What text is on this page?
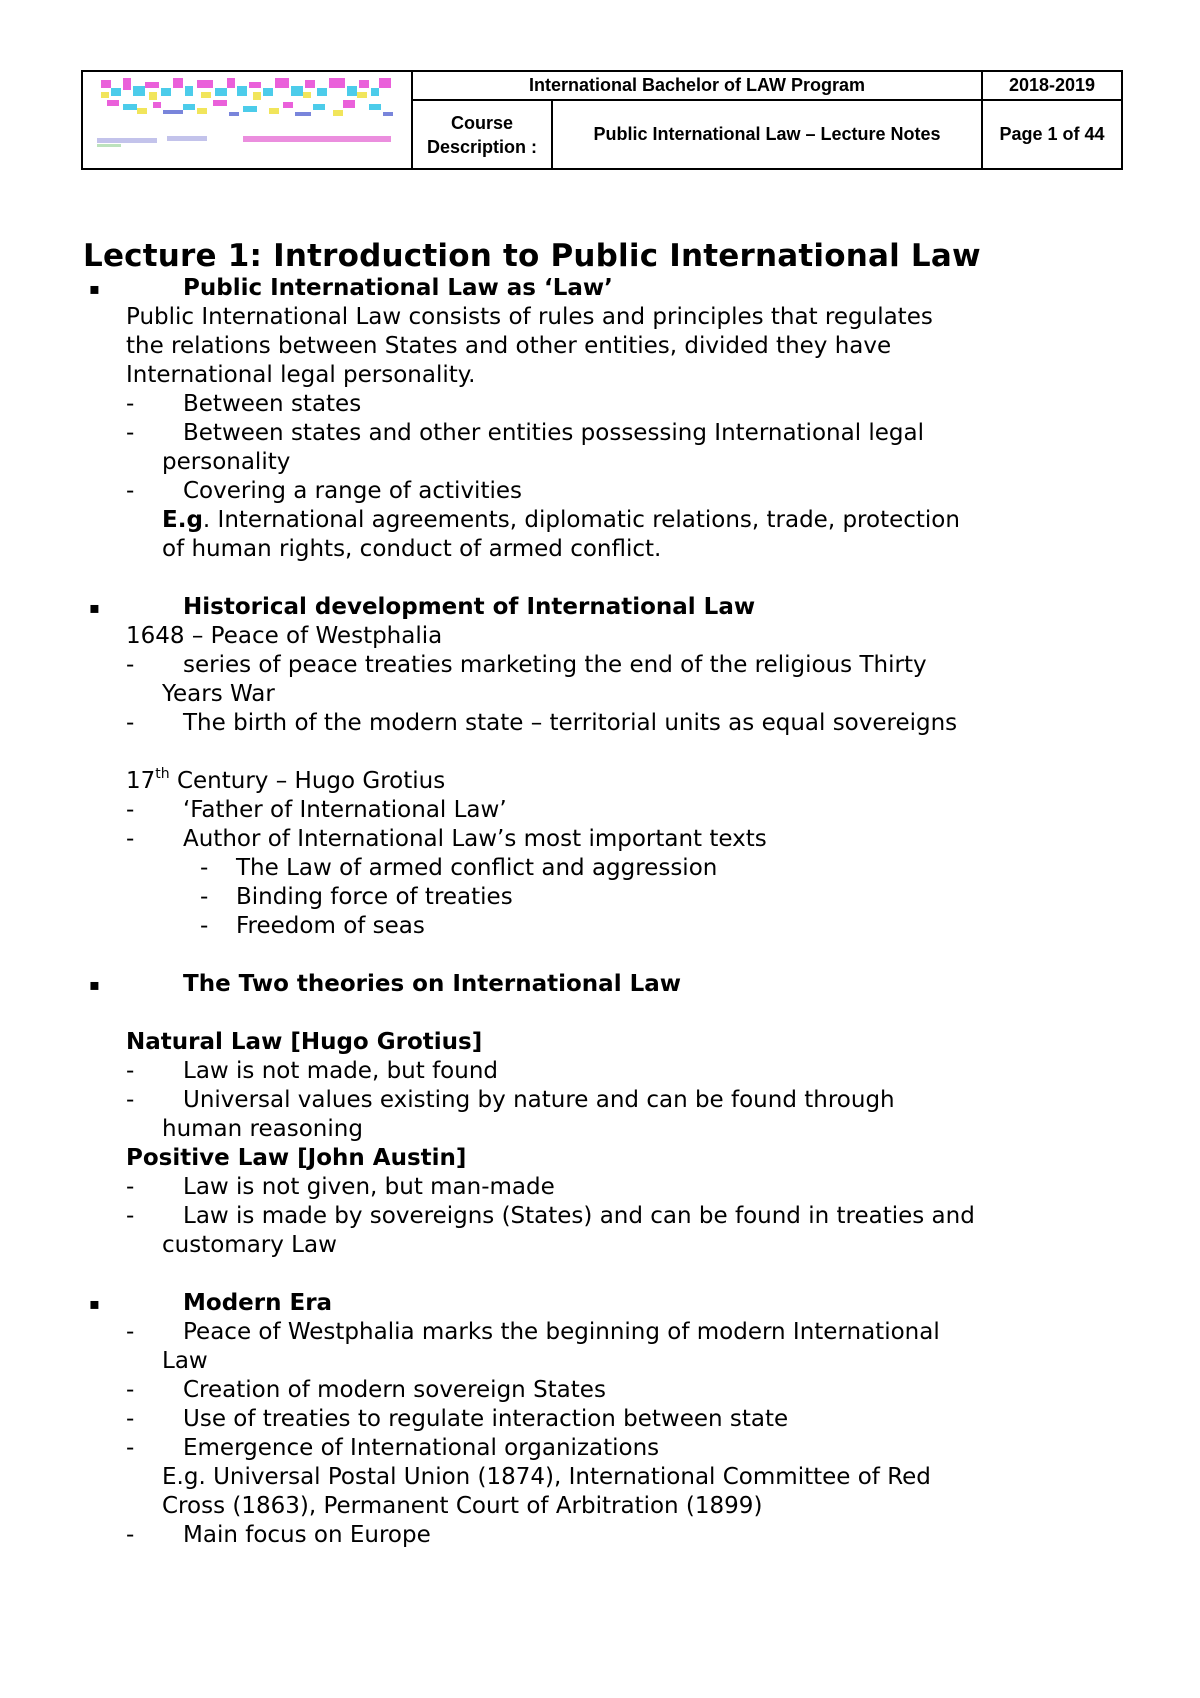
	International Bachelor of LAW Program		2018-2019
	Course Description :	Public International Law – Lecture Notes	Page 1 of 44
Lecture 1: Introduction to Public International Law
▪	Public International Law as ‘Law’
Public International Law consists of rules and principles that regulates
the relations between States and other entities, divided they have
International legal personality.
- Between states
- Between states and other entities possessing International legal
personality
- Covering a range of activities
E.g. International agreements, diplomatic relations, trade, protection
of human rights, conduct of armed conflict.
▪	Historical development of International Law
1648 – Peace of Westphalia
- series of peace treaties marketing the end of the religious Thirty
Years War
- The birth of the modern state – territorial units as equal sovereigns
17th Century – Hugo Grotius
- ‘Father of International Law’
- Author of International Law’s most important texts
- The Law of armed conflict and aggression
- Binding force of treaties
- Freedom of seas
▪	The Two theories on International Law
Natural Law [Hugo Grotius]
- Law is not made, but found
- Universal values existing by nature and can be found through
human reasoning
Positive Law [John Austin]
- Law is not given, but man-made
- Law is made by sovereigns (States) and can be found in treaties and
customary Law
▪	Modern Era
- Peace of Westphalia marks the beginning of modern International
Law
- Creation of modern sovereign States
- Use of treaties to regulate interaction between state
- Emergence of International organizations
E.g. Universal Postal Union (1874), International Committee of Red
Cross (1863), Permanent Court of Arbitration (1899)
- Main focus on Europe
